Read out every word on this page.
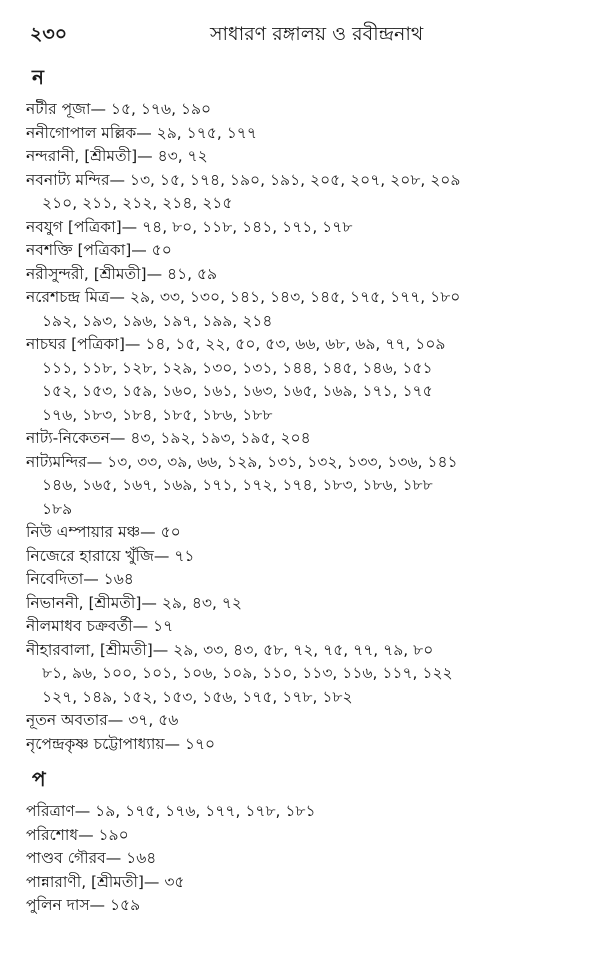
২৩০	সাধারণ রঙ্গালয় ও রবীন্দ্রনাথ
ন
নটীর পূজা— ১৫, ১৭৬, ১৯০
ননীগোপাল মল্লিক— ২৯, ১৭৫, ১৭৭
নন্দরানী, [শ্রীমতী]— ৪৩, ৭২
নবনাট্য মন্দির— ১৩, ১৫, ১৭৪, ১৯০, ১৯১, ২০৫, ২০৭, ২০৮, ২০৯
২১০, ২১১, ২১২, ২১৪, ২১৫
নবযুগ [পত্রিকা]— ৭৪, ৮০, ১১৮, ১৪১, ১৭১, ১৭৮
নবশক্তি [পত্রিকা]— ৫০
নরীসুন্দরী, [শ্রীমতী]— ৪১, ৫৯
নরেশচন্দ্র মিত্র— ২৯, ৩৩, ১৩০, ১৪১, ১৪৩, ১৪৫, ১৭৫, ১৭৭, ১৮০
১৯২, ১৯৩, ১৯৬, ১৯৭, ১৯৯, ২১৪
নাচঘর [পত্রিকা]— ১৪, ১৫, ২২, ৫০, ৫৩, ৬৬, ৬৮, ৬৯, ৭৭, ১০৯
১১১, ১১৮, ১২৮, ১২৯, ১৩০, ১৩১, ১৪৪, ১৪৫, ১৪৬, ১৫১
১৫২, ১৫৩, ১৫৯, ১৬০, ১৬১, ১৬৩, ১৬৫, ১৬৯, ১৭১, ১৭৫
১৭৬, ১৮৩, ১৮৪, ১৮৫, ১৮৬, ১৮৮
নাট্য-নিকেতন— ৪৩, ১৯২, ১৯৩, ১৯৫, ২০৪
নাট্যমন্দির— ১৩, ৩৩, ৩৯, ৬৬, ১২৯, ১৩১, ১৩২, ১৩৩, ১৩৬, ১৪১
১৪৬, ১৬৫, ১৬৭, ১৬৯, ১৭১, ১৭২, ১৭৪, ১৮৩, ১৮৬, ১৮৮
১৮৯
নিউ এম্পায়ার মঞ্চ— ৫০
নিজেরে হারায়ে খুঁজি— ৭১
নিবেদিতা— ১৬৪
নিভাননী, [শ্রীমতী]— ২৯, ৪৩, ৭২
নীলমাধব চক্রবর্তী— ১৭
নীহারবালা, [শ্রীমতী]— ২৯, ৩৩, ৪৩, ৫৮, ৭২, ৭৫, ৭৭, ৭৯, ৮০
৮১, ৯৬, ১০০, ১০১, ১০৬, ১০৯, ১১০, ১১৩, ১১৬, ১১৭, ১২২
১২৭, ১৪৯, ১৫২, ১৫৩, ১৫৬, ১৭৫, ১৭৮, ১৮২
নূতন অবতার— ৩৭, ৫৬
নৃপেন্দ্রকৃষ্ণ চট্টোপাধ্যায়— ১৭০
প
পরিত্রাণ— ১৯, ১৭৫, ১৭৬, ১৭৭, ১৭৮, ১৮১
পরিশোধ— ১৯০
পাণ্ডব গৌরব— ১৬৪
পান্নারাণী, [শ্রীমতী]— ৩৫
পুলিন দাস— ১৫৯
